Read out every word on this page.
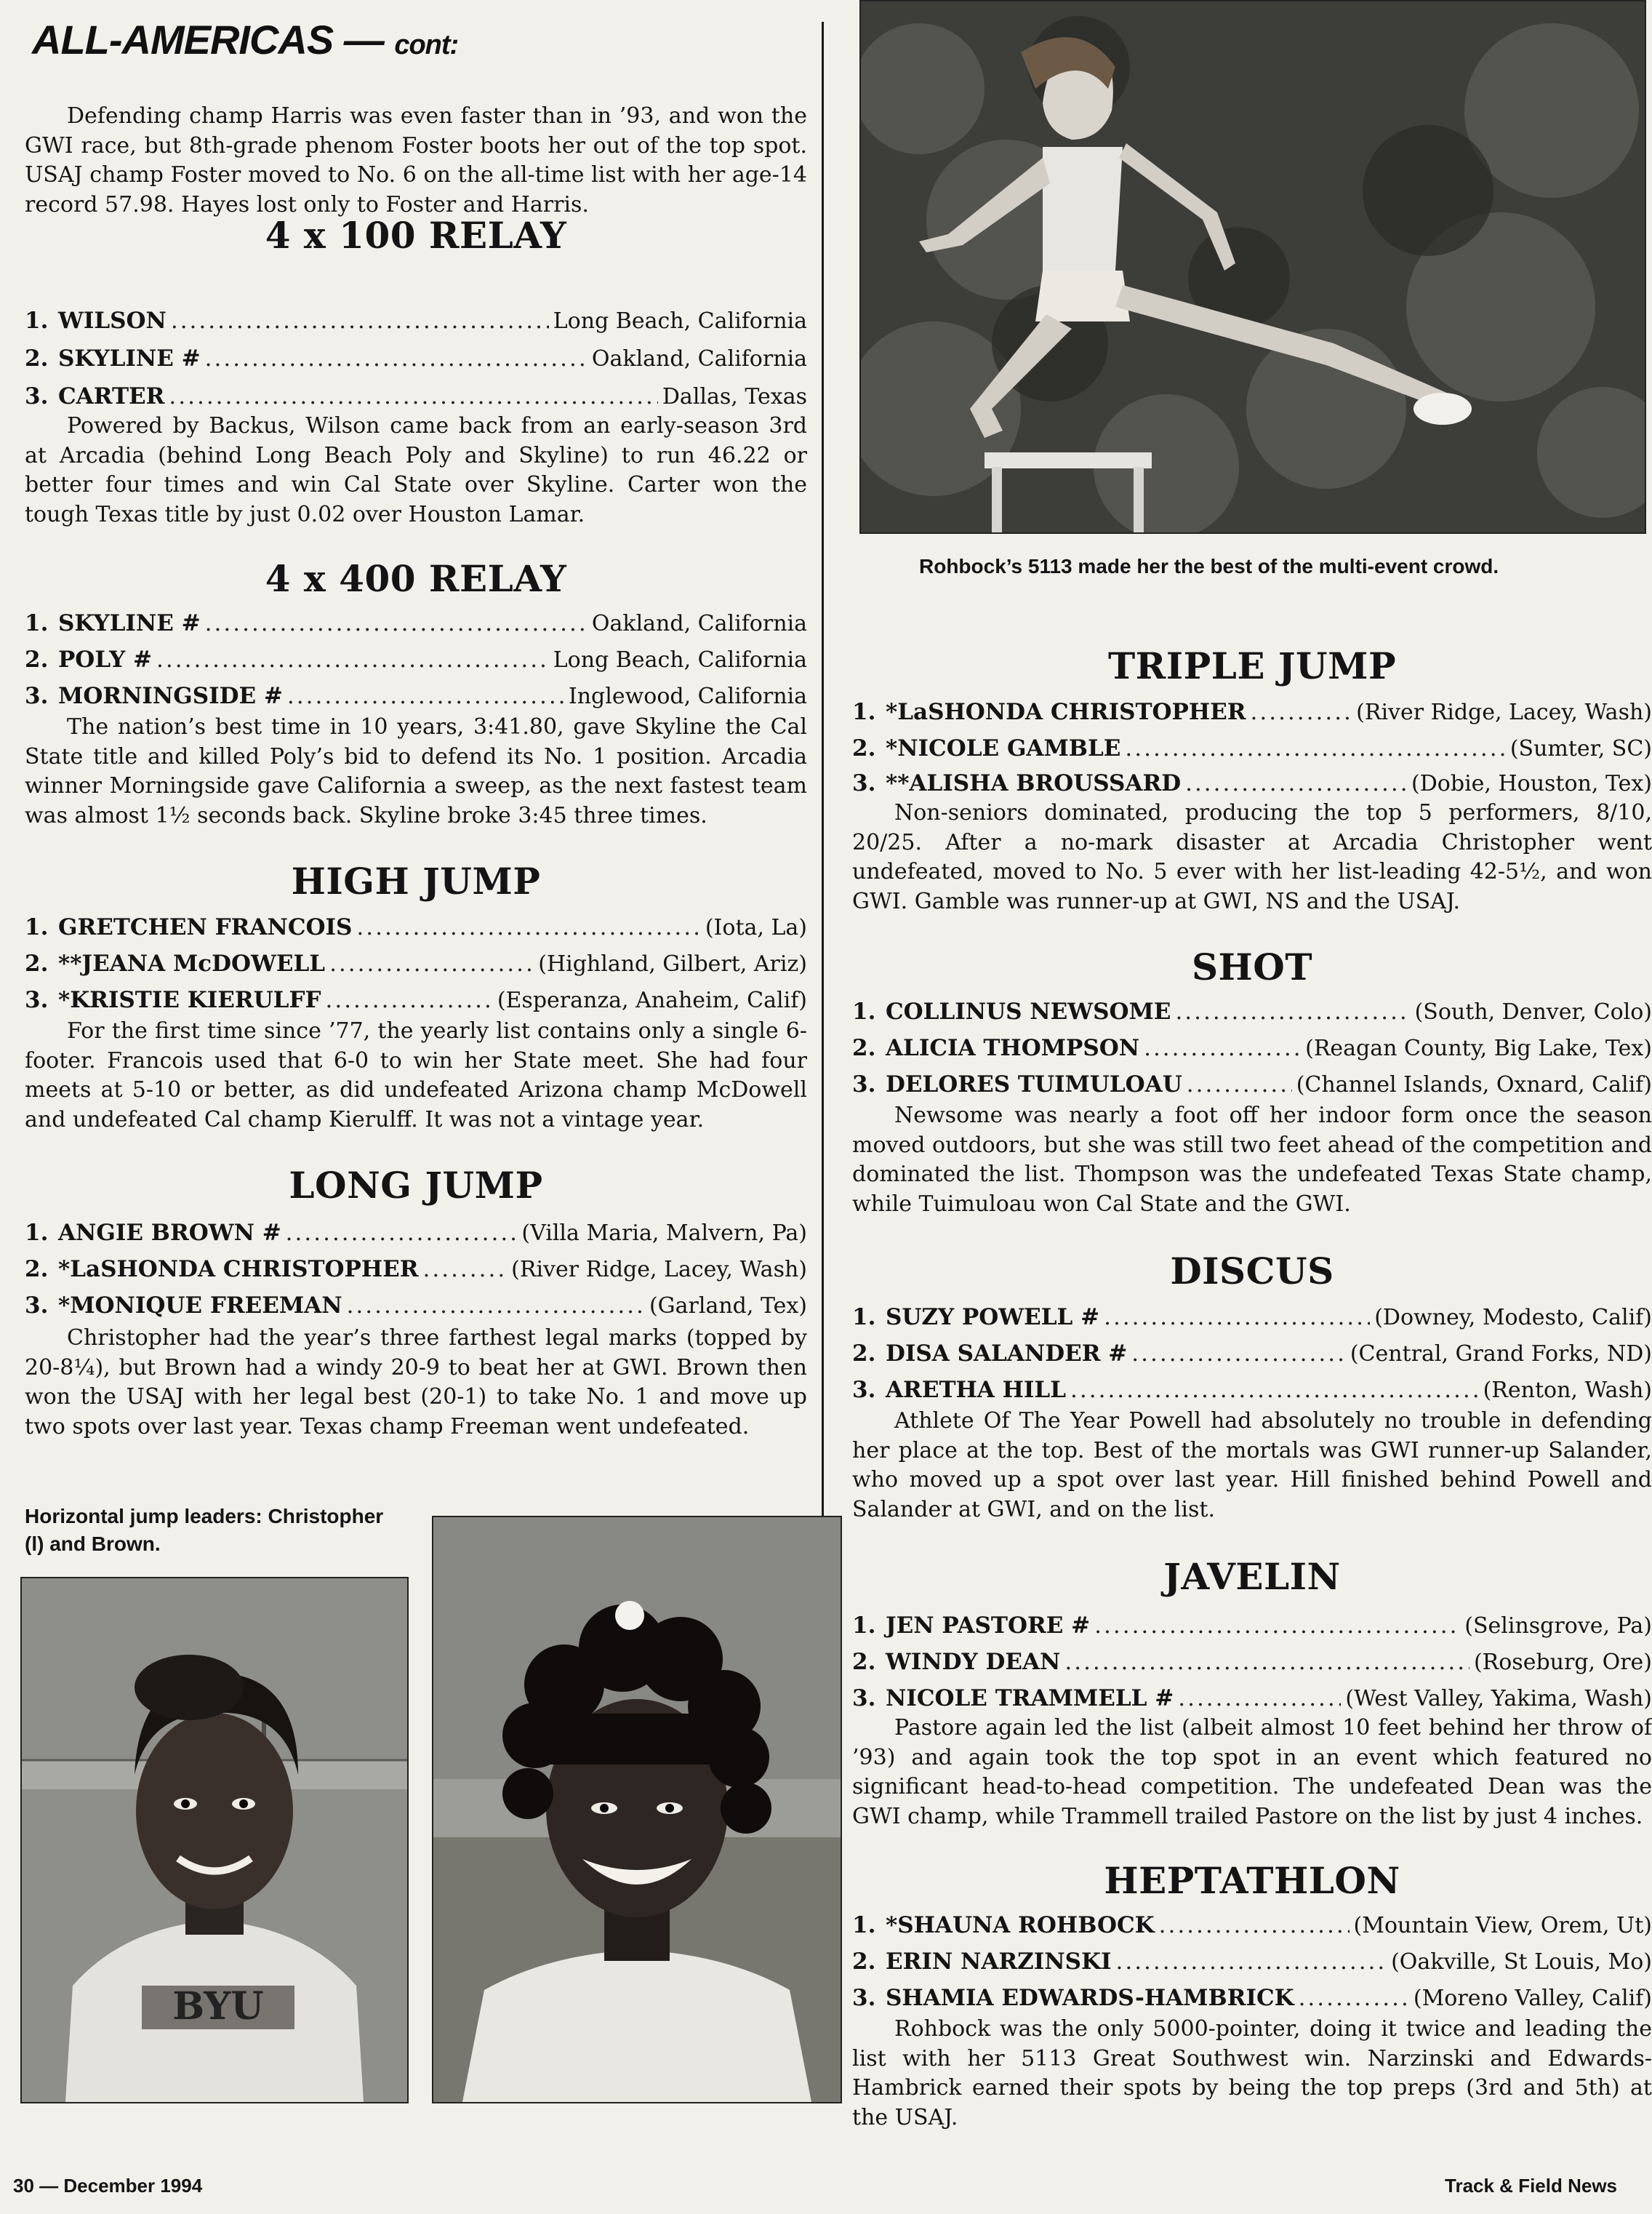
ALL-AMERICAS — cont:

Defending champ Harris was even faster than in ’93, and won the GWI race, but 8th-grade phenom Foster boots her out of the top spot. USAJ champ Foster moved to No. 6 on the all-time list with her age-14 record 57.98. Hayes lost only to Foster and Harris.

4 x 100 RELAY
1. WILSON .....	Long Beach, California
2. SKYLINE # .....	Oakland, California
3. CARTER .....	Dallas, Texas

Powered by Backus, Wilson came back from an early-season 3rd at Arcadia (behind Long Beach Poly and Skyline) to run 46.22 or better four times and win Cal State over Skyline. Carter won the tough Texas title by just 0.02 over Houston Lamar.

4 x 400 RELAY
1. SKYLINE # .....	Oakland, California
2. POLY # .....	Long Beach, California
3. MORNINGSIDE # .....	Inglewood, California

The nation’s best time in 10 years, 3:41.80, gave Skyline the Cal State title and killed Poly’s bid to defend its No. 1 position. Arcadia winner Morningside gave California a sweep, as the next fastest team was almost 1½ seconds back. Skyline broke 3:45 three times.

HIGH JUMP
1. GRETCHEN FRANCOIS .....	(Iota, La)
2. **JEANA McDOWELL .....	(Highland, Gilbert, Ariz)
3. *KRISTIE KIERULFF .....	(Esperanza, Anaheim, Calif)

For the first time since ’77, the yearly list contains only a single 6-footer. Francois used that 6-0 to win her State meet. She had four meets at 5-10 or better, as did undefeated Arizona champ McDowell and undefeated Cal champ Kierulff. It was not a vintage year.

LONG JUMP
1. ANGIE BROWN # .....	(Villa Maria, Malvern, Pa)
2. *LaSHONDA CHRISTOPHER .....	(River Ridge, Lacey, Wash)
3. *MONIQUE FREEMAN .....	(Garland, Tex)

Christopher had the year’s three farthest legal marks (topped by 20-8¼), but Brown had a windy 20-9 to beat her at GWI. Brown then won the USAJ with her legal best (20-1) to take No. 1 and move up two spots over last year. Texas champ Freeman went undefeated.

Horizontal jump leaders: Christopher (l) and Brown.
BYU
Rohbock’s 5113 made her the best of the multi-event crowd.
TRIPLE JUMP
1. *LaSHONDA CHRISTOPHER .....	(River Ridge, Lacey, Wash)
2. *NICOLE GAMBLE .....	(Sumter, SC)
3. **ALISHA BROUSSARD .....	(Dobie, Houston, Tex)

Non-seniors dominated, producing the top 5 performers, 8/10, 20/25. After a no-mark disaster at Arcadia Christopher went undefeated, moved to No. 5 ever with her list-leading 42-5½, and won GWI. Gamble was runner-up at GWI, NS and the USAJ.

SHOT
1. COLLINUS NEWSOME .....	(South, Denver, Colo)
2. ALICIA THOMPSON .....	(Reagan County, Big Lake, Tex)
3. DELORES TUIMULOAU .....	(Channel Islands, Oxnard, Calif)

Newsome was nearly a foot off her indoor form once the season moved outdoors, but she was still two feet ahead of the competition and dominated the list. Thompson was the undefeated Texas State champ, while Tuimuloau won Cal State and the GWI.

DISCUS
1. SUZY POWELL # .....	(Downey, Modesto, Calif)
2. DISA SALANDER # .....	(Central, Grand Forks, ND)
3. ARETHA HILL .....	(Renton, Wash)

Athlete Of The Year Powell had absolutely no trouble in defending her place at the top. Best of the mortals was GWI runner-up Salander, who moved up a spot over last year. Hill finished behind Powell and Salander at GWI, and on the list.

JAVELIN
1. JEN PASTORE # .....	(Selinsgrove, Pa)
2. WINDY DEAN .....	(Roseburg, Ore)
3. NICOLE TRAMMELL # .....	(West Valley, Yakima, Wash)

Pastore again led the list (albeit almost 10 feet behind her throw of ’93) and again took the top spot in an event which featured no significant head-to-head competition. The undefeated Dean was the GWI champ, while Trammell trailed Pastore on the list by just 4 inches.

HEPTATHLON
1. *SHAUNA ROHBOCK .....	(Mountain View, Orem, Ut)
2. ERIN NARZINSKI .....	(Oakville, St Louis, Mo)
3. SHAMIA EDWARDS-HAMBRICK .....	(Moreno Valley, Calif)

Rohbock was the only 5000-pointer, doing it twice and leading the list with her 5113 Great Southwest win. Narzinski and Edwards-Hambrick earned their spots by being the top preps (3rd and 5th) at the USAJ.

30 — December 1994	Track & Field News
